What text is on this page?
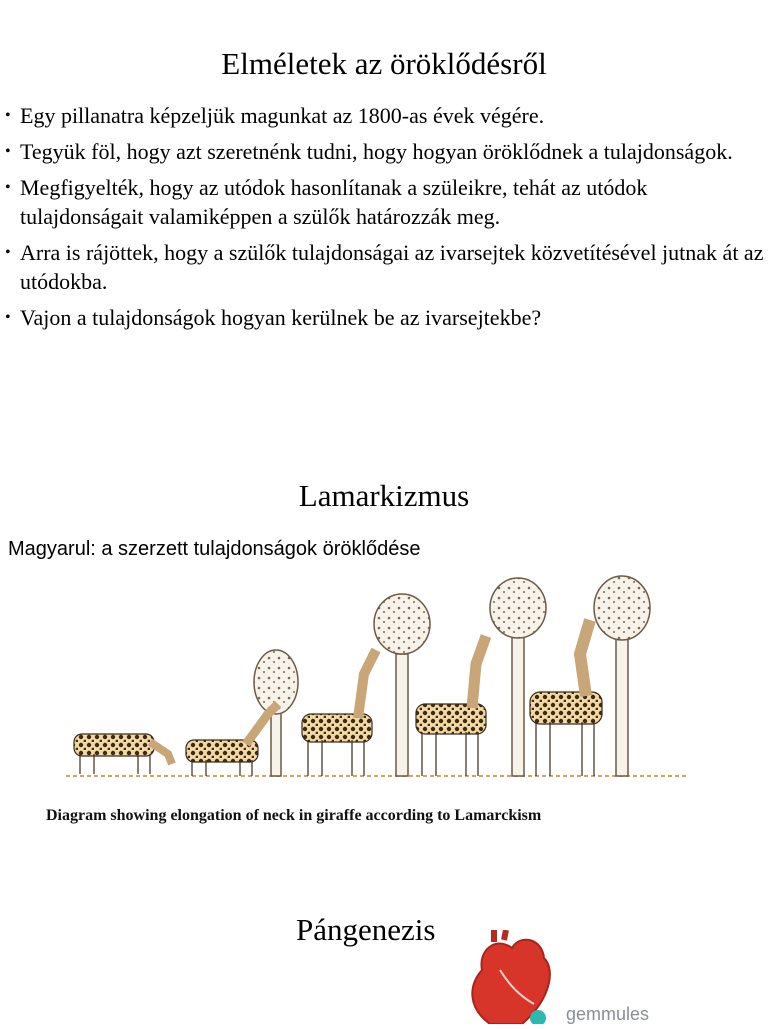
Elméletek az öröklődésről
• Egy pillanatra képzeljük magunkat az 1800-as évek végére.
• Tegyük föl, hogy azt szeretnénk tudni, hogy hogyan öröklődnek a tulajdonságok.
• Megfigyelték, hogy az utódok hasonlítanak a szüleikre, tehát az utódok tulajdonságait valamiképpen a szülők határozzák meg.
• Arra is rájöttek, hogy a szülők tulajdonságai az ivarsejtek közvetítésével jutnak át az utódokba.
• Vajon a tulajdonságok hogyan kerülnek be az ivarsejtekbe?
Lamarkizmus
Magyarul: a szerzett tulajdonságok öröklődése
Diagram showing elongation of neck in giraffe according to Lamarckism
Pángenezis
gemmules
